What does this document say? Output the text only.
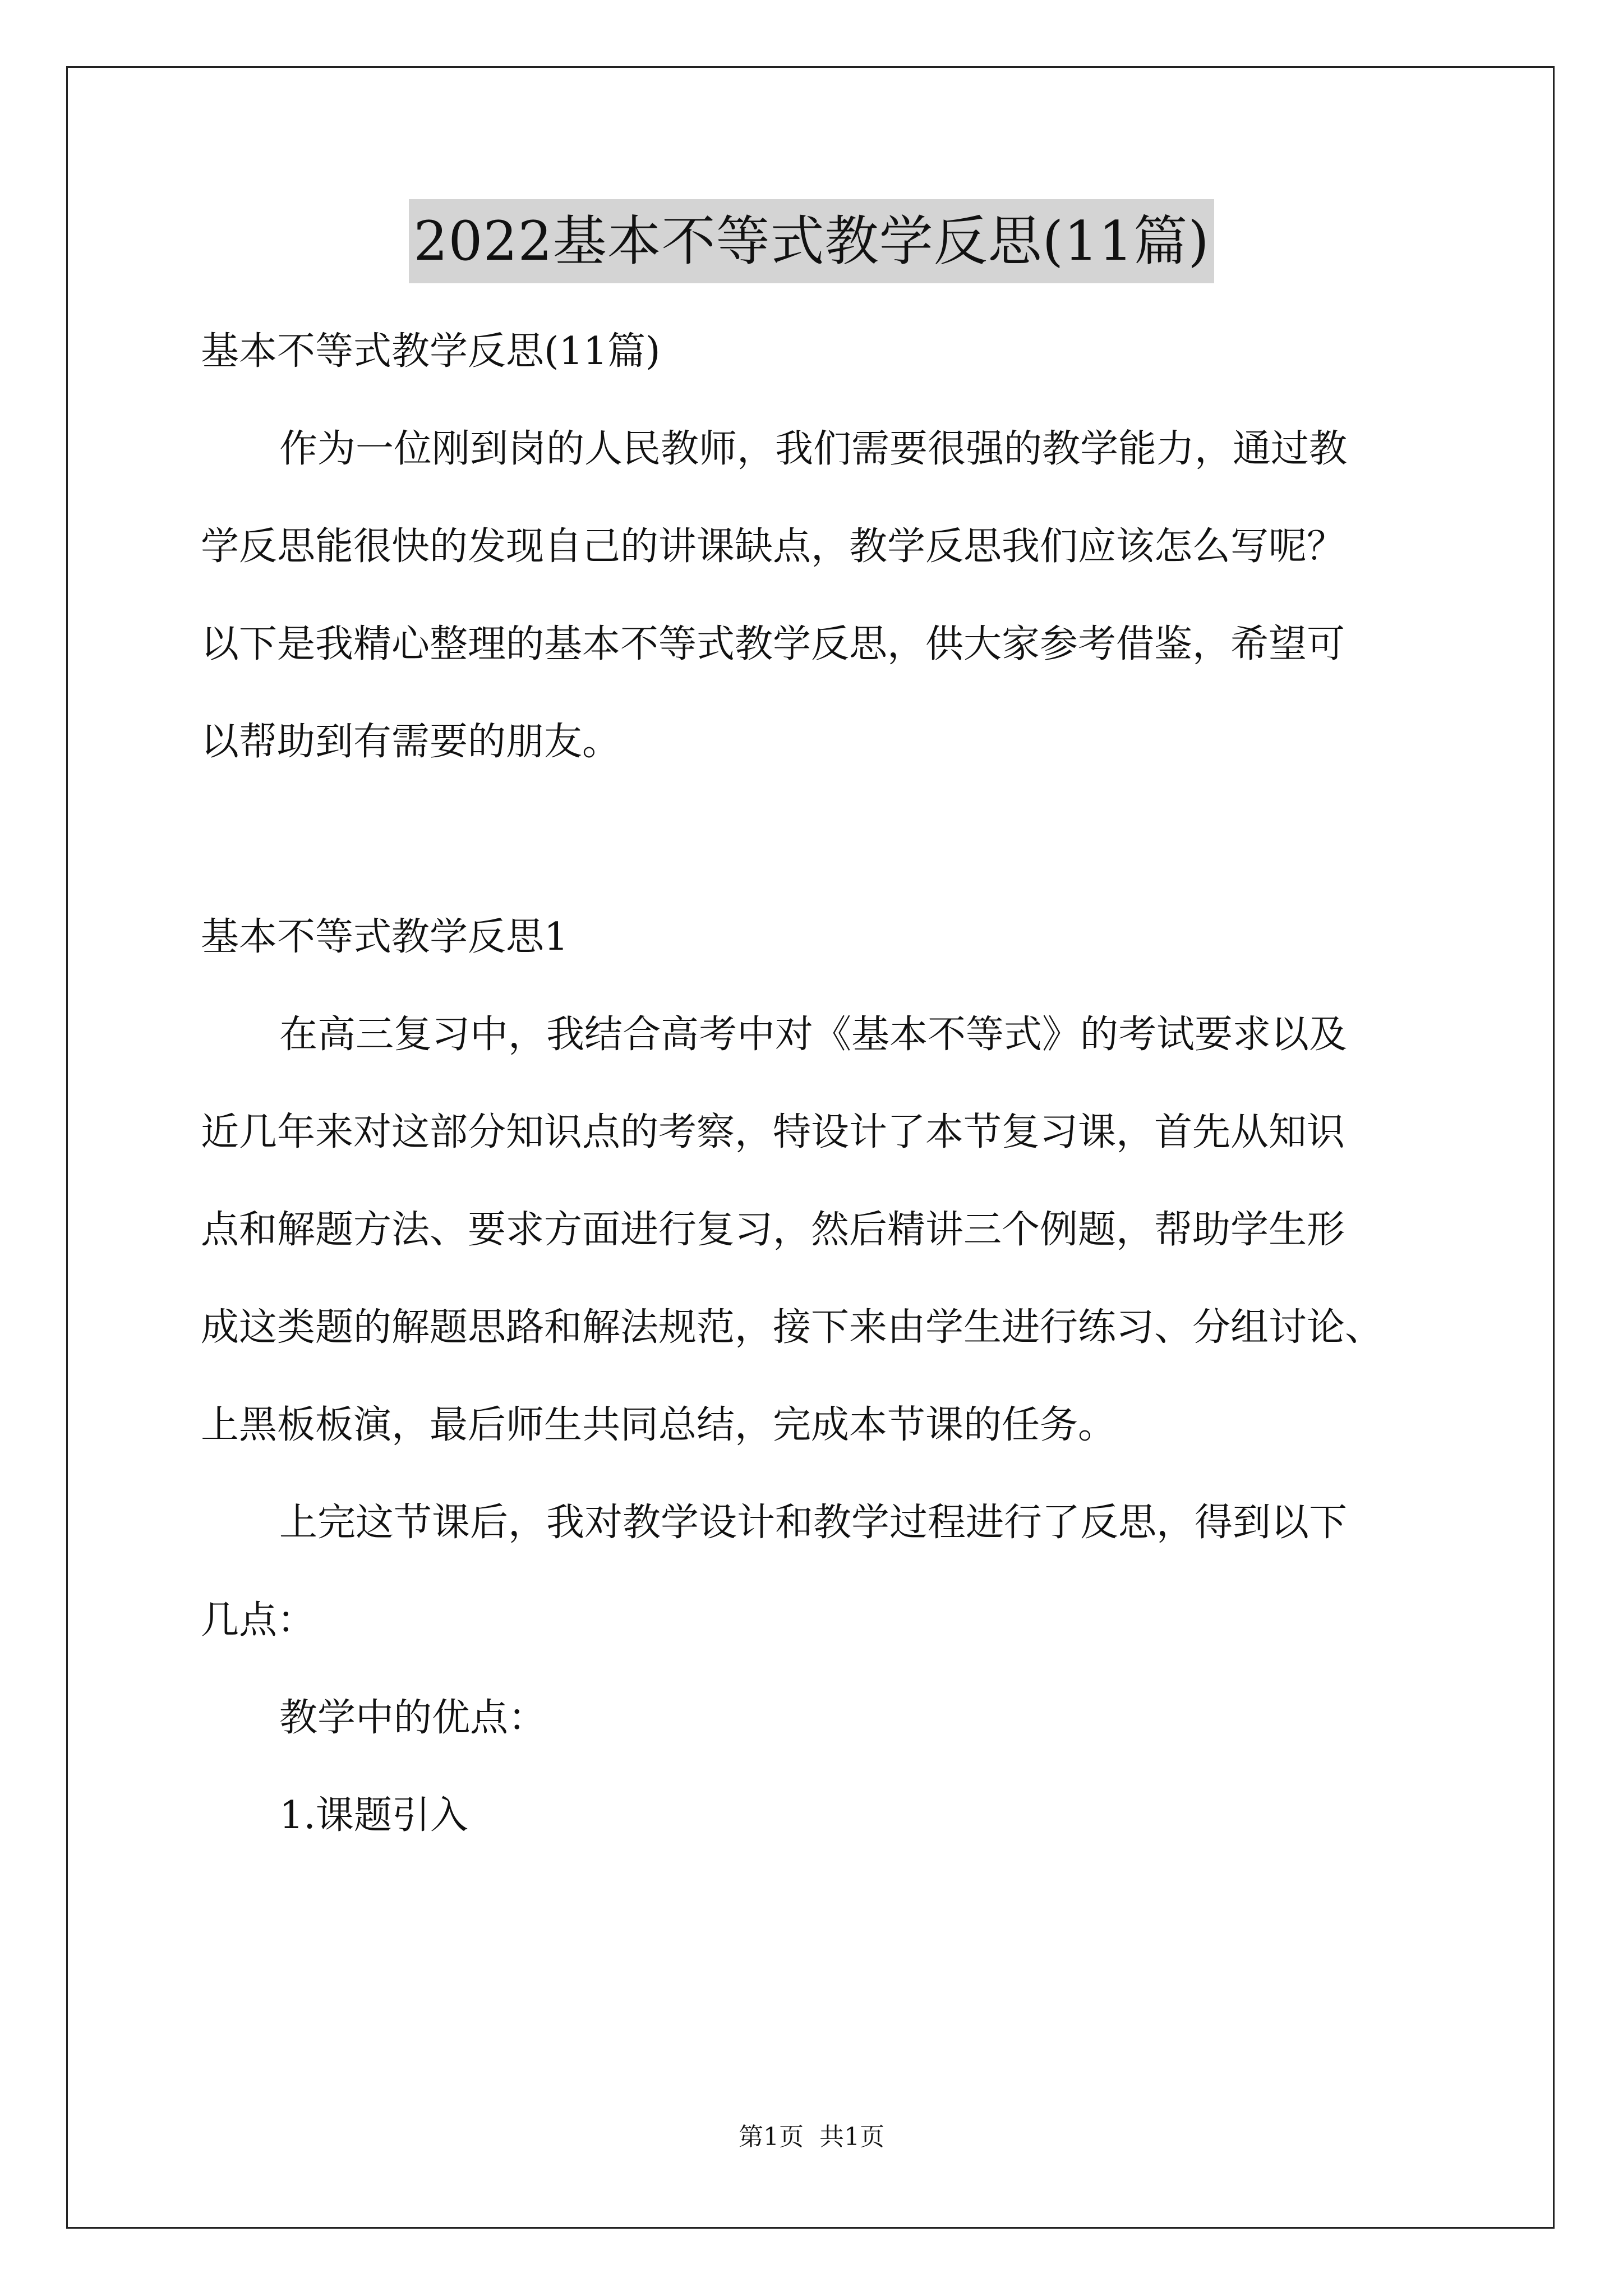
2022基本不等式教学反思(11篇)
基本不等式教学反思(11篇)
作为一位刚到岗的人民教师，我们需要很强的教学能力，通过教
学反思能很快的发现自己的讲课缺点，教学反思我们应该怎么写呢？
以下是我精心整理的基本不等式教学反思，供大家参考借鉴，希望可
以帮助到有需要的朋友。
基本不等式教学反思1
在高三复习中，我结合高考中对《基本不等式》的考试要求以及
近几年来对这部分知识点的考察，特设计了本节复习课，首先从知识
点和解题方法、要求方面进行复习，然后精讲三个例题，帮助学生形
成这类题的解题思路和解法规范，接下来由学生进行练习、分组讨论、
上黑板板演，最后师生共同总结，完成本节课的任务。
上完这节课后，我对教学设计和教学过程进行了反思，得到以下
几点：
教学中的优点：
1.课题引入
第1页 共1页
